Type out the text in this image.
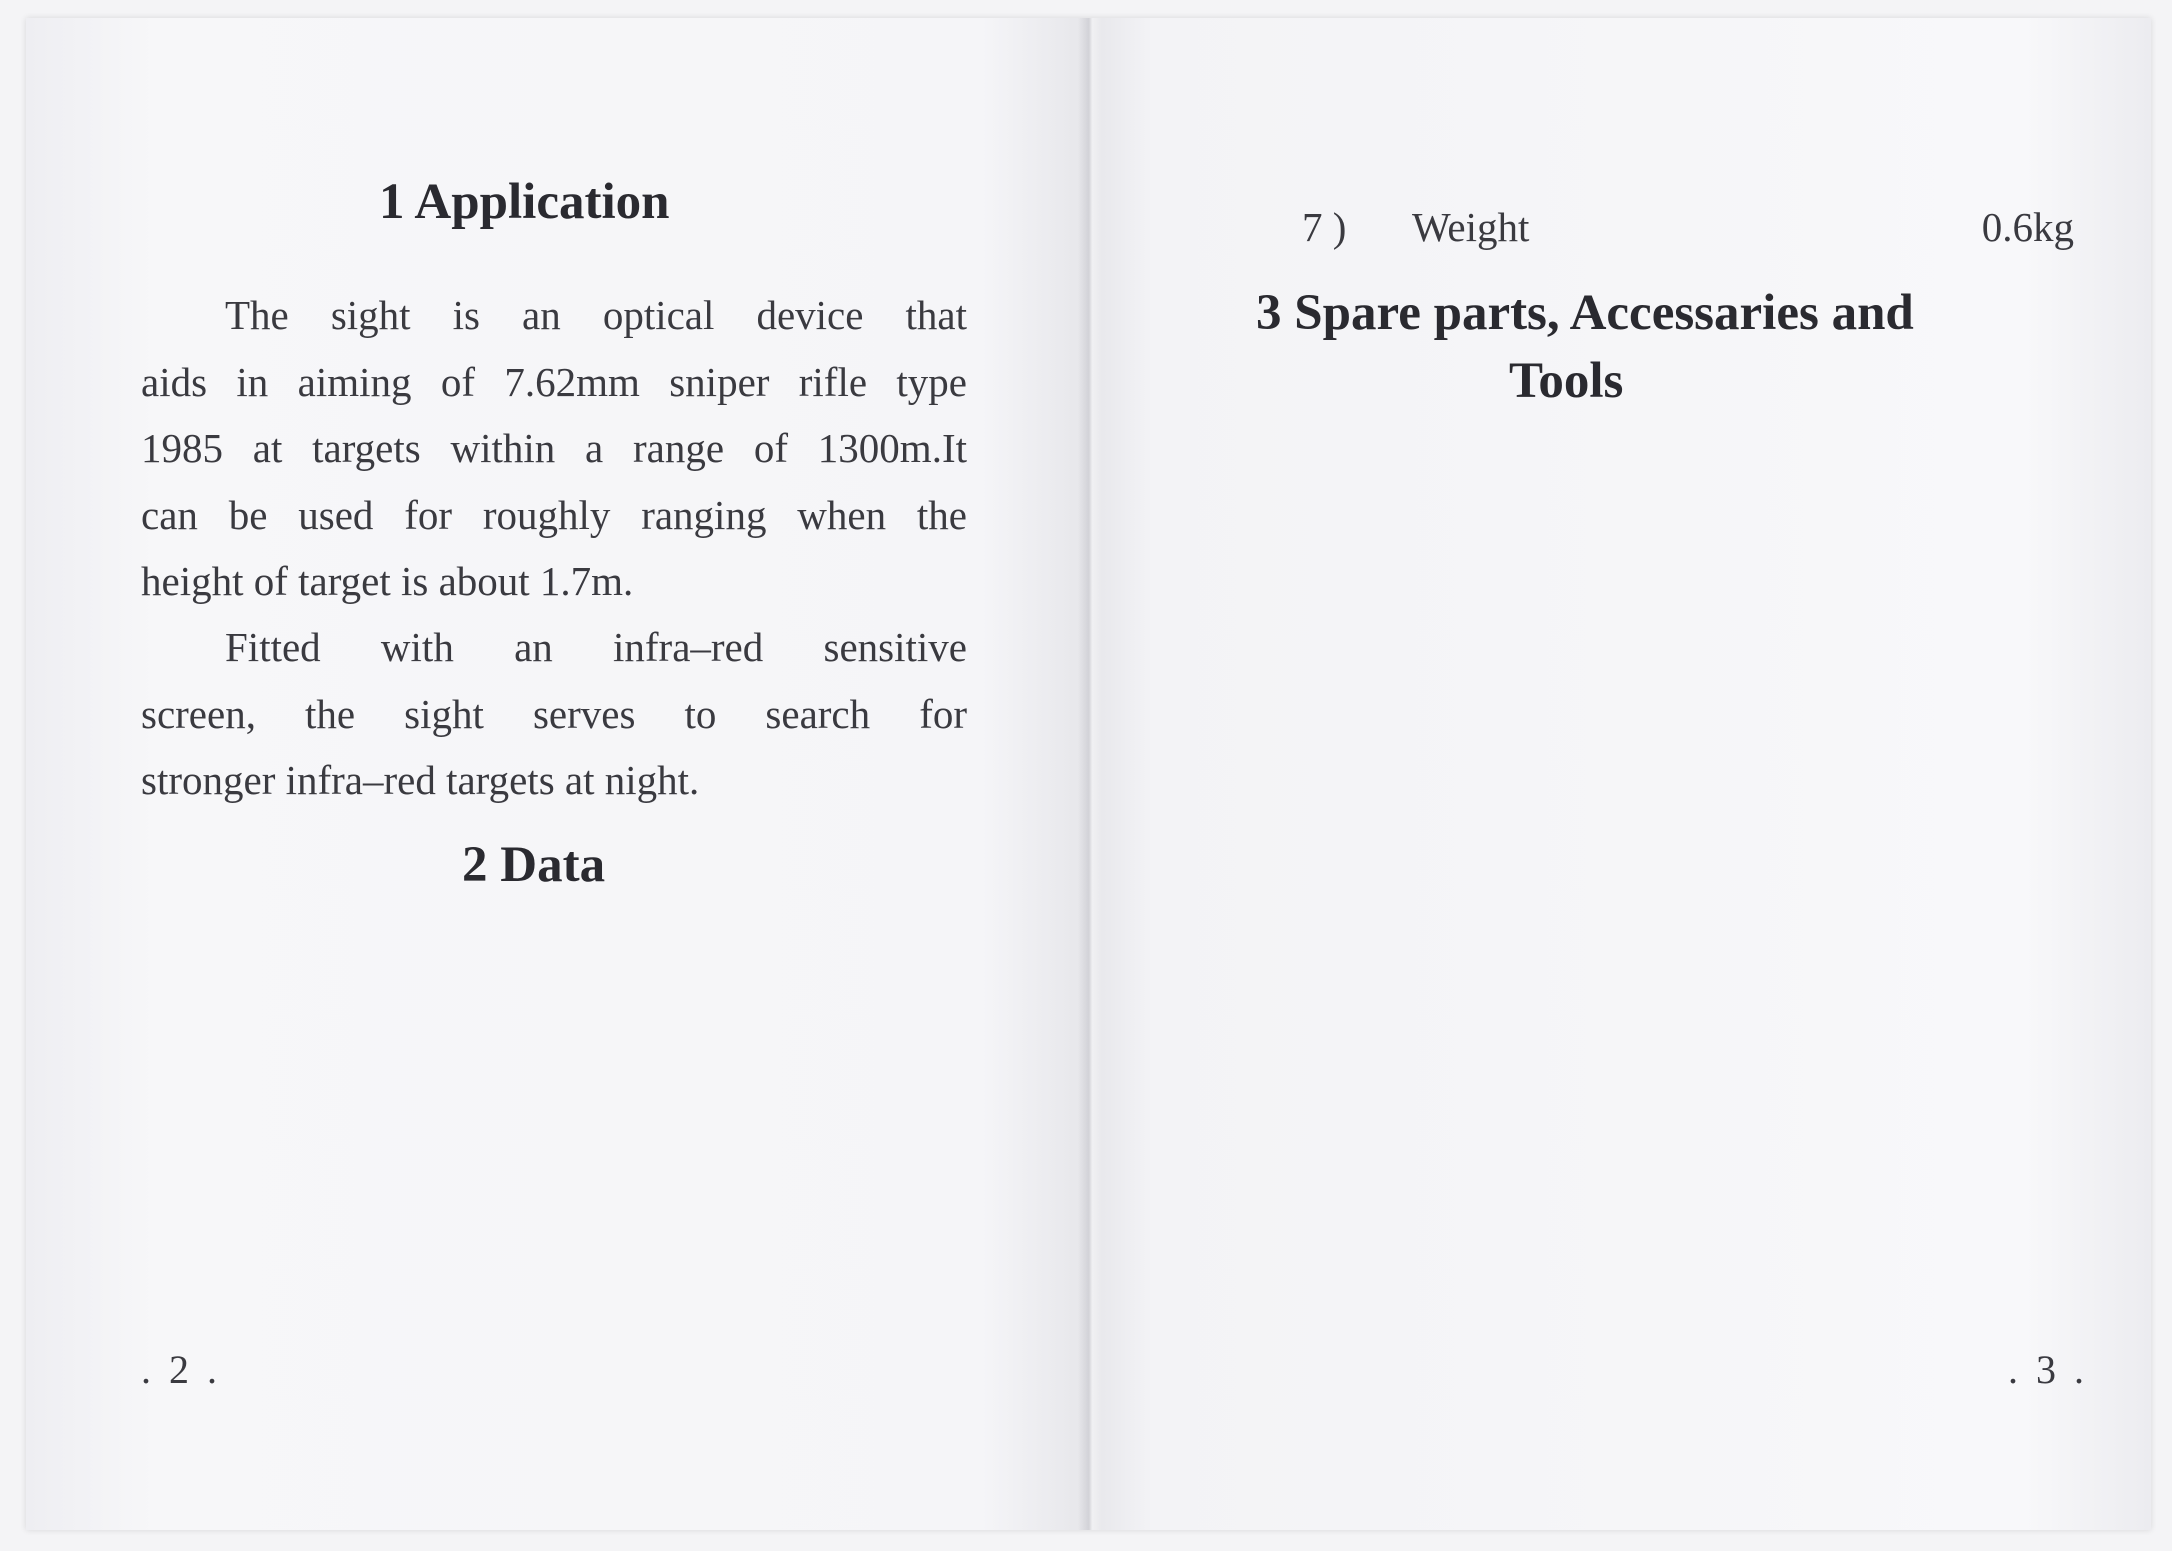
1 Application
The sight is an optical device that
aids in aiming of 7.62mm sniper rifle type
1985 at targets within a range of 1300m.It
can be used for roughly ranging when the
height of target is about 1.7m.
Fitted with an infra–red sensitive
screen, the sight serves to search for
stronger infra–red targets at night.
2 Data
. 2 .
7 ) Weight	0.6kg
3 Spare parts, Accessaries and
Tools
. 3 .
